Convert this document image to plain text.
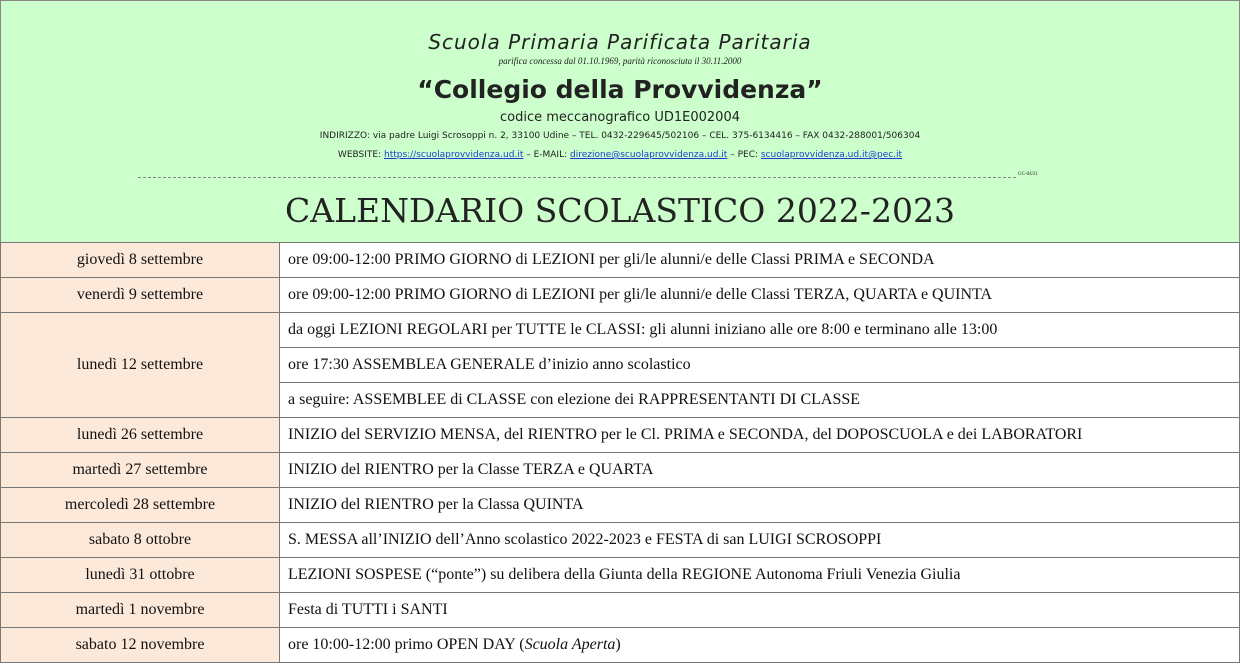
Scuola Primaria Parificata Paritaria
parifica concessa dal 01.10.1969, parità riconosciuta il 30.11.2000
“Collegio della Provvidenza”
codice meccanografico UD1E002004
INDIRIZZO: via padre Luigi Scrosoppi n. 2, 33100 Udine – TEL. 0432-229645/502106 – CEL. 375-6134416 – FAX 0432-288001/506304
WEBSITE: https://scuolaprovvidenza.ud.it – E-MAIL: direzione@scuolaprovvidenza.ud.it – PEC: scuolaprovvidenza.ud.it@pec.it
GC-04/21
CALENDARIO SCOLASTICO 2022-2023
giovedì 8 settembre	ore 09:00-12:00 PRIMO GIORNO di LEZIONI per gli/le alunni/e delle Classi PRIMA e SECONDA
venerdì 9 settembre	ore 09:00-12:00 PRIMO GIORNO di LEZIONI per gli/le alunni/e delle Classi TERZA, QUARTA e QUINTA
lunedì 12 settembre	da oggi LEZIONI REGOLARI per TUTTE le CLASSI: gli alunni iniziano alle ore 8:00 e terminano alle 13:00
	ore 17:30 ASSEMBLEA GENERALE d’inizio anno scolastico
	a seguire: ASSEMBLEE di CLASSE con elezione dei RAPPRESENTANTI DI CLASSE
lunedì 26 settembre	INIZIO del SERVIZIO MENSA, del RIENTRO per le Cl. PRIMA e SECONDA, del DOPOSCUOLA e dei LABORATORI
martedì 27 settembre	INIZIO del RIENTRO per la Classe TERZA e QUARTA
mercoledì 28 settembre	INIZIO del RIENTRO per la Classa QUINTA
sabato 8 ottobre	S. MESSA all’INIZIO dell’Anno scolastico 2022-2023 e FESTA di san LUIGI SCROSOPPI
lunedì 31 ottobre	LEZIONI SOSPESE (“ponte”) su delibera della Giunta della REGIONE Autonoma Friuli Venezia Giulia
martedì 1 novembre	Festa di TUTTI i SANTI
sabato 12 novembre	ore 10:00-12:00 primo OPEN DAY (Scuola Aperta)
